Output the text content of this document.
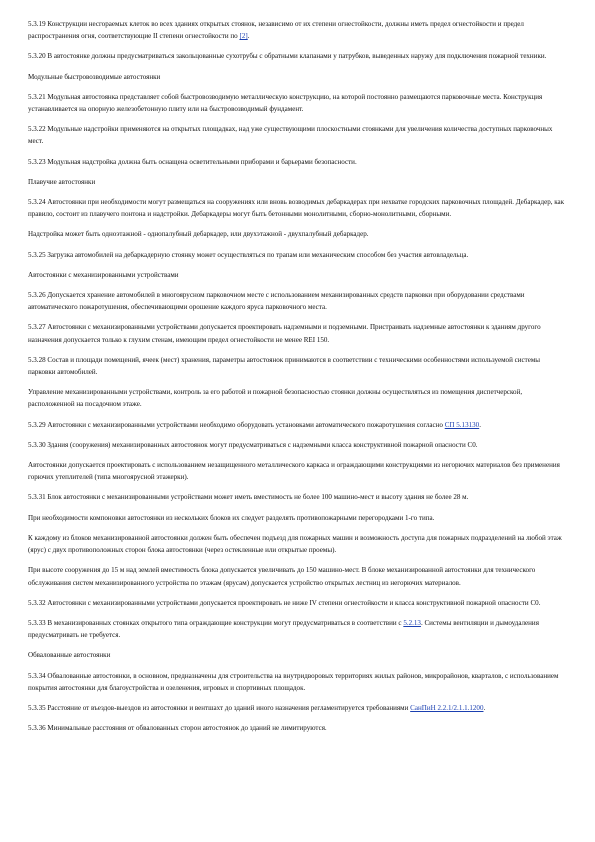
5.3.19 Конструкции несгораемых клеток во всех зданиях открытых стоянок, независимо от их степени огнестойкости, должны иметь предел огнестойкости и предел распространения огня, соответствующие II степени огнестойкости по [2].

5.3.20 В автостоянке должны предусматриваться закольцованные сухотрубы с обратными клапанами у патрубков, выведенных наружу для подключения пожарной техники.

Модульные быстровозводимые автостоянки

5.3.21 Модульная автостоянка представляет собой быстровозводимую металлическую конструкцию, на которой постоянно размещаются парковочные места. Конструкция устанавливается на опорную железобетонную плиту или на быстровозводимый фундамент.

5.3.22 Модульные надстройки применяются на открытых площадках, над уже существующими плоскостными стоянками для увеличения количества доступных парковочных мест.

5.3.23 Модульная надстройка должна быть оснащена осветительными приборами и барьерами безопасности.

Плавучие автостоянки

5.3.24 Автостоянки при необходимости могут размещаться на сооружениях или вновь возводимых дебаркадерах при нехватке городских парковочных площадей. Дебаркадер, как правило, состоит из плавучего понтона и надстройки. Дебаркадеры могут быть бетонными монолитными, сборно-монолитными, сборными.

Надстройка может быть одноэтажной - однопалубный дебаркадер, или двухэтажной - двухпалубный дебаркадер.

5.3.25 Загрузка автомобилей на дебаркадерную стоянку может осуществляться по трапам или механическим способом без участия автовладельца.

Автостоянки с механизированными устройствами

5.3.26 Допускается хранение автомобилей в многоярусном парковочном месте с использованием механизированных средств парковки при оборудовании средствами автоматического пожаротушения, обеспечивающими орошение каждого яруса парковочного места.

5.3.27 Автостоянки с механизированными устройствами допускается проектировать надземными и подземными. Пристраивать надземные автостоянки к зданиям другого назначения допускается только к глухим стенам, имеющим предел огнестойкости не менее REI 150.

5.3.28 Состав и площади помещений, ячеек (мест) хранения, параметры автостоянок принимаются в соответствии с техническими особенностями используемой системы парковки автомобилей.

Управление механизированными устройствами, контроль за его работой и пожарной безопасностью стоянки должны осуществляться из помещения диспетчерской, расположенной на посадочном этаже.

5.3.29 Автостоянки с механизированными устройствами необходимо оборудовать установками автоматического пожаротушения согласно СП 5.13130.

5.3.30 Здания (сооружения) механизированных автостоянок могут предусматриваться с надземными класса конструктивной пожарной опасности С0.

Автостоянки допускается проектировать с использованием незащищенного металлического каркаса и ограждающими конструкциями из негорючих материалов без применения горючих утеплителей (типа многоярусной этажерки).

5.3.31 Блок автостоянки с механизированными устройствами может иметь вместимость не более 100 машино-мест и высоту здания не более 28 м.

При необходимости компоновки автостоянки из нескольких блоков их следует разделять противопожарными перегородками 1-го типа.

К каждому из блоков механизированной автостоянки должен быть обеспечен подъезд для пожарных машин и возможность доступа для пожарных подразделений на любой этаж (ярус) с двух противоположных сторон блока автостоянки (через остекленные или открытые проемы).

При высоте сооружения до 15 м над землей вместимость блока допускается увеличивать до 150 машино-мест. В блоке механизированной автостоянки для технического обслуживания систем механизированного устройства по этажам (ярусам) допускается устройство открытых лестниц из негорючих материалов.

5.3.32 Автостоянки с механизированными устройствами допускается проектировать не ниже IV степени огнестойкости и класса конструктивной пожарной опасности С0.

5.3.33 В механизированных стоянках открытого типа ограждающие конструкции могут предусматриваться в соответствии с 5.2.13. Системы вентиляции и дымоудаления предусматривать не требуется.

Обвалованные автостоянки

5.3.34 Обвалованные автостоянки, в основном, предназначены для строительства на внутридворовых территориях жилых районов, микрорайонов, кварталов, с использованием покрытия автостоянки для благоустройства и озеленения, игровых и спортивных площадок.

5.3.35 Расстояние от въездов-выездов из автостоянки и вентшахт до зданий иного назначения регламентируется требованиями СанПиН 2.2.1/2.1.1.1200.

5.3.36 Минимальные расстояния от обвалованных сторон автостоянок до зданий не лимитируются.
